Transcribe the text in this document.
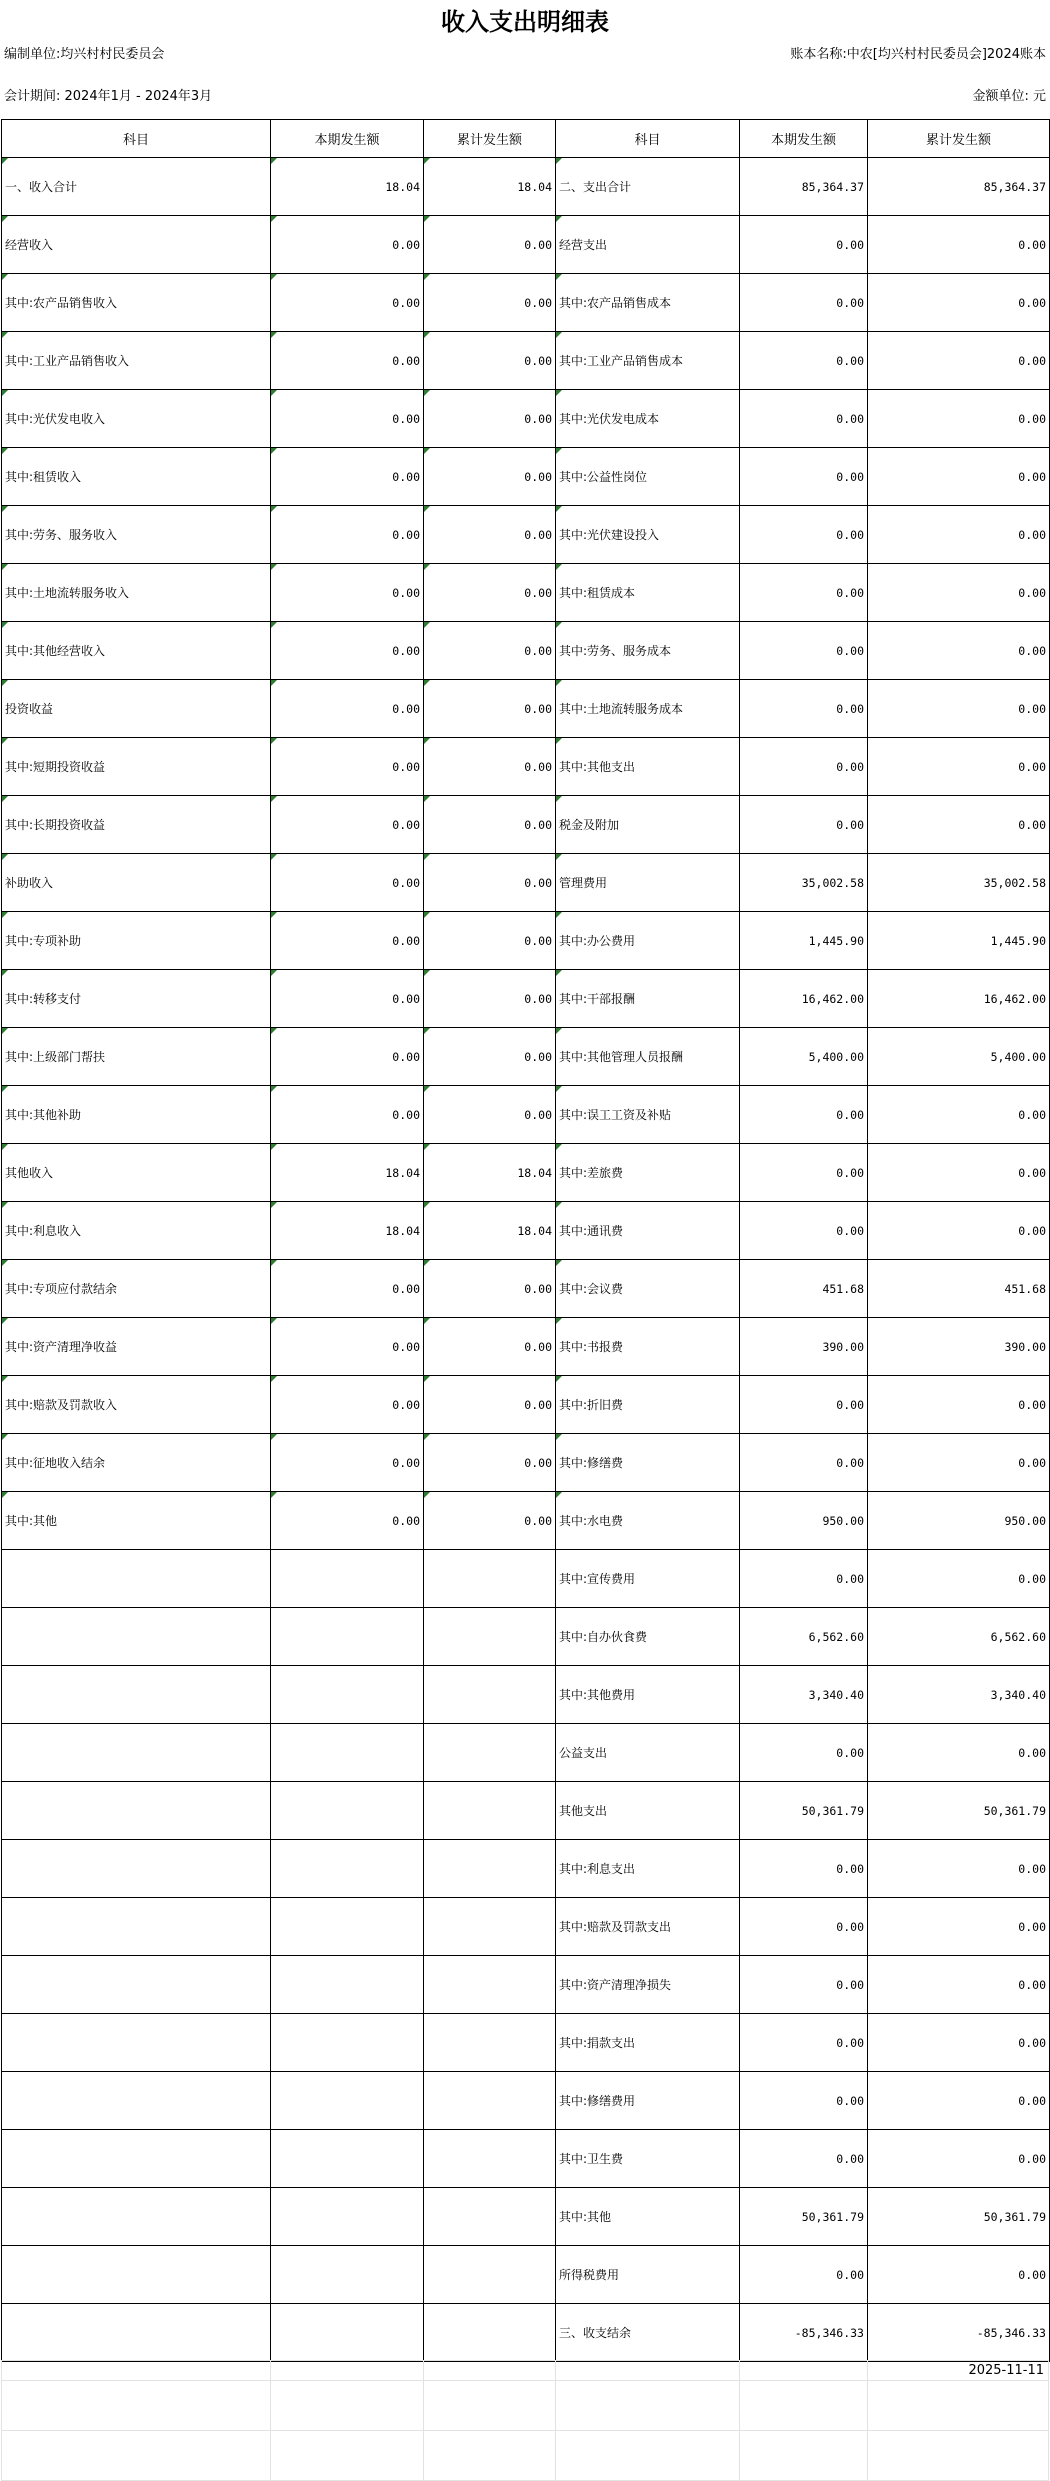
收入支出明细表
编制单位:均兴村村民委员会	账本名称:中农[均兴村村民委员会]2024账本
会计期间: 2024年1月 - 2024年3月	金额单位: 元
科目	本期发生额	累计发生额	科目	本期发生额	累计发生额
一、收入合计	18.04	18.04	二、支出合计	85,364.37	85,364.37
经营收入	0.00	0.00	经营支出	0.00	0.00
其中:农产品销售收入	0.00	0.00	其中:农产品销售成本	0.00	0.00
其中:工业产品销售收入	0.00	0.00	其中:工业产品销售成本	0.00	0.00
其中:光伏发电收入	0.00	0.00	其中:光伏发电成本	0.00	0.00
其中:租赁收入	0.00	0.00	其中:公益性岗位	0.00	0.00
其中:劳务、服务收入	0.00	0.00	其中:光伏建设投入	0.00	0.00
其中:土地流转服务收入	0.00	0.00	其中:租赁成本	0.00	0.00
其中:其他经营收入	0.00	0.00	其中:劳务、服务成本	0.00	0.00
投资收益	0.00	0.00	其中:土地流转服务成本	0.00	0.00
其中:短期投资收益	0.00	0.00	其中:其他支出	0.00	0.00
其中:长期投资收益	0.00	0.00	税金及附加	0.00	0.00
补助收入	0.00	0.00	管理费用	35,002.58	35,002.58
其中:专项补助	0.00	0.00	其中:办公费用	1,445.90	1,445.90
其中:转移支付	0.00	0.00	其中:干部报酬	16,462.00	16,462.00
其中:上级部门帮扶	0.00	0.00	其中:其他管理人员报酬	5,400.00	5,400.00
其中:其他补助	0.00	0.00	其中:误工工资及补贴	0.00	0.00
其他收入	18.04	18.04	其中:差旅费	0.00	0.00
其中:利息收入	18.04	18.04	其中:通讯费	0.00	0.00
其中:专项应付款结余	0.00	0.00	其中:会议费	451.68	451.68
其中:资产清理净收益	0.00	0.00	其中:书报费	390.00	390.00
其中:赔款及罚款收入	0.00	0.00	其中:折旧费	0.00	0.00
其中:征地收入结余	0.00	0.00	其中:修缮费	0.00	0.00
其中:其他	0.00	0.00	其中:水电费	950.00	950.00
			其中:宣传费用	0.00	0.00
			其中:自办伙食费	6,562.60	6,562.60
			其中:其他费用	3,340.40	3,340.40
			公益支出	0.00	0.00
			其他支出	50,361.79	50,361.79
			其中:利息支出	0.00	0.00
			其中:赔款及罚款支出	0.00	0.00
			其中:资产清理净损失	0.00	0.00
			其中:捐款支出	0.00	0.00
			其中:修缮费用	0.00	0.00
			其中:卫生费	0.00	0.00
			其中:其他	50,361.79	50,361.79
			所得税费用	0.00	0.00
			三、收支结余	-85,346.33	-85,346.33
2025-11-11
